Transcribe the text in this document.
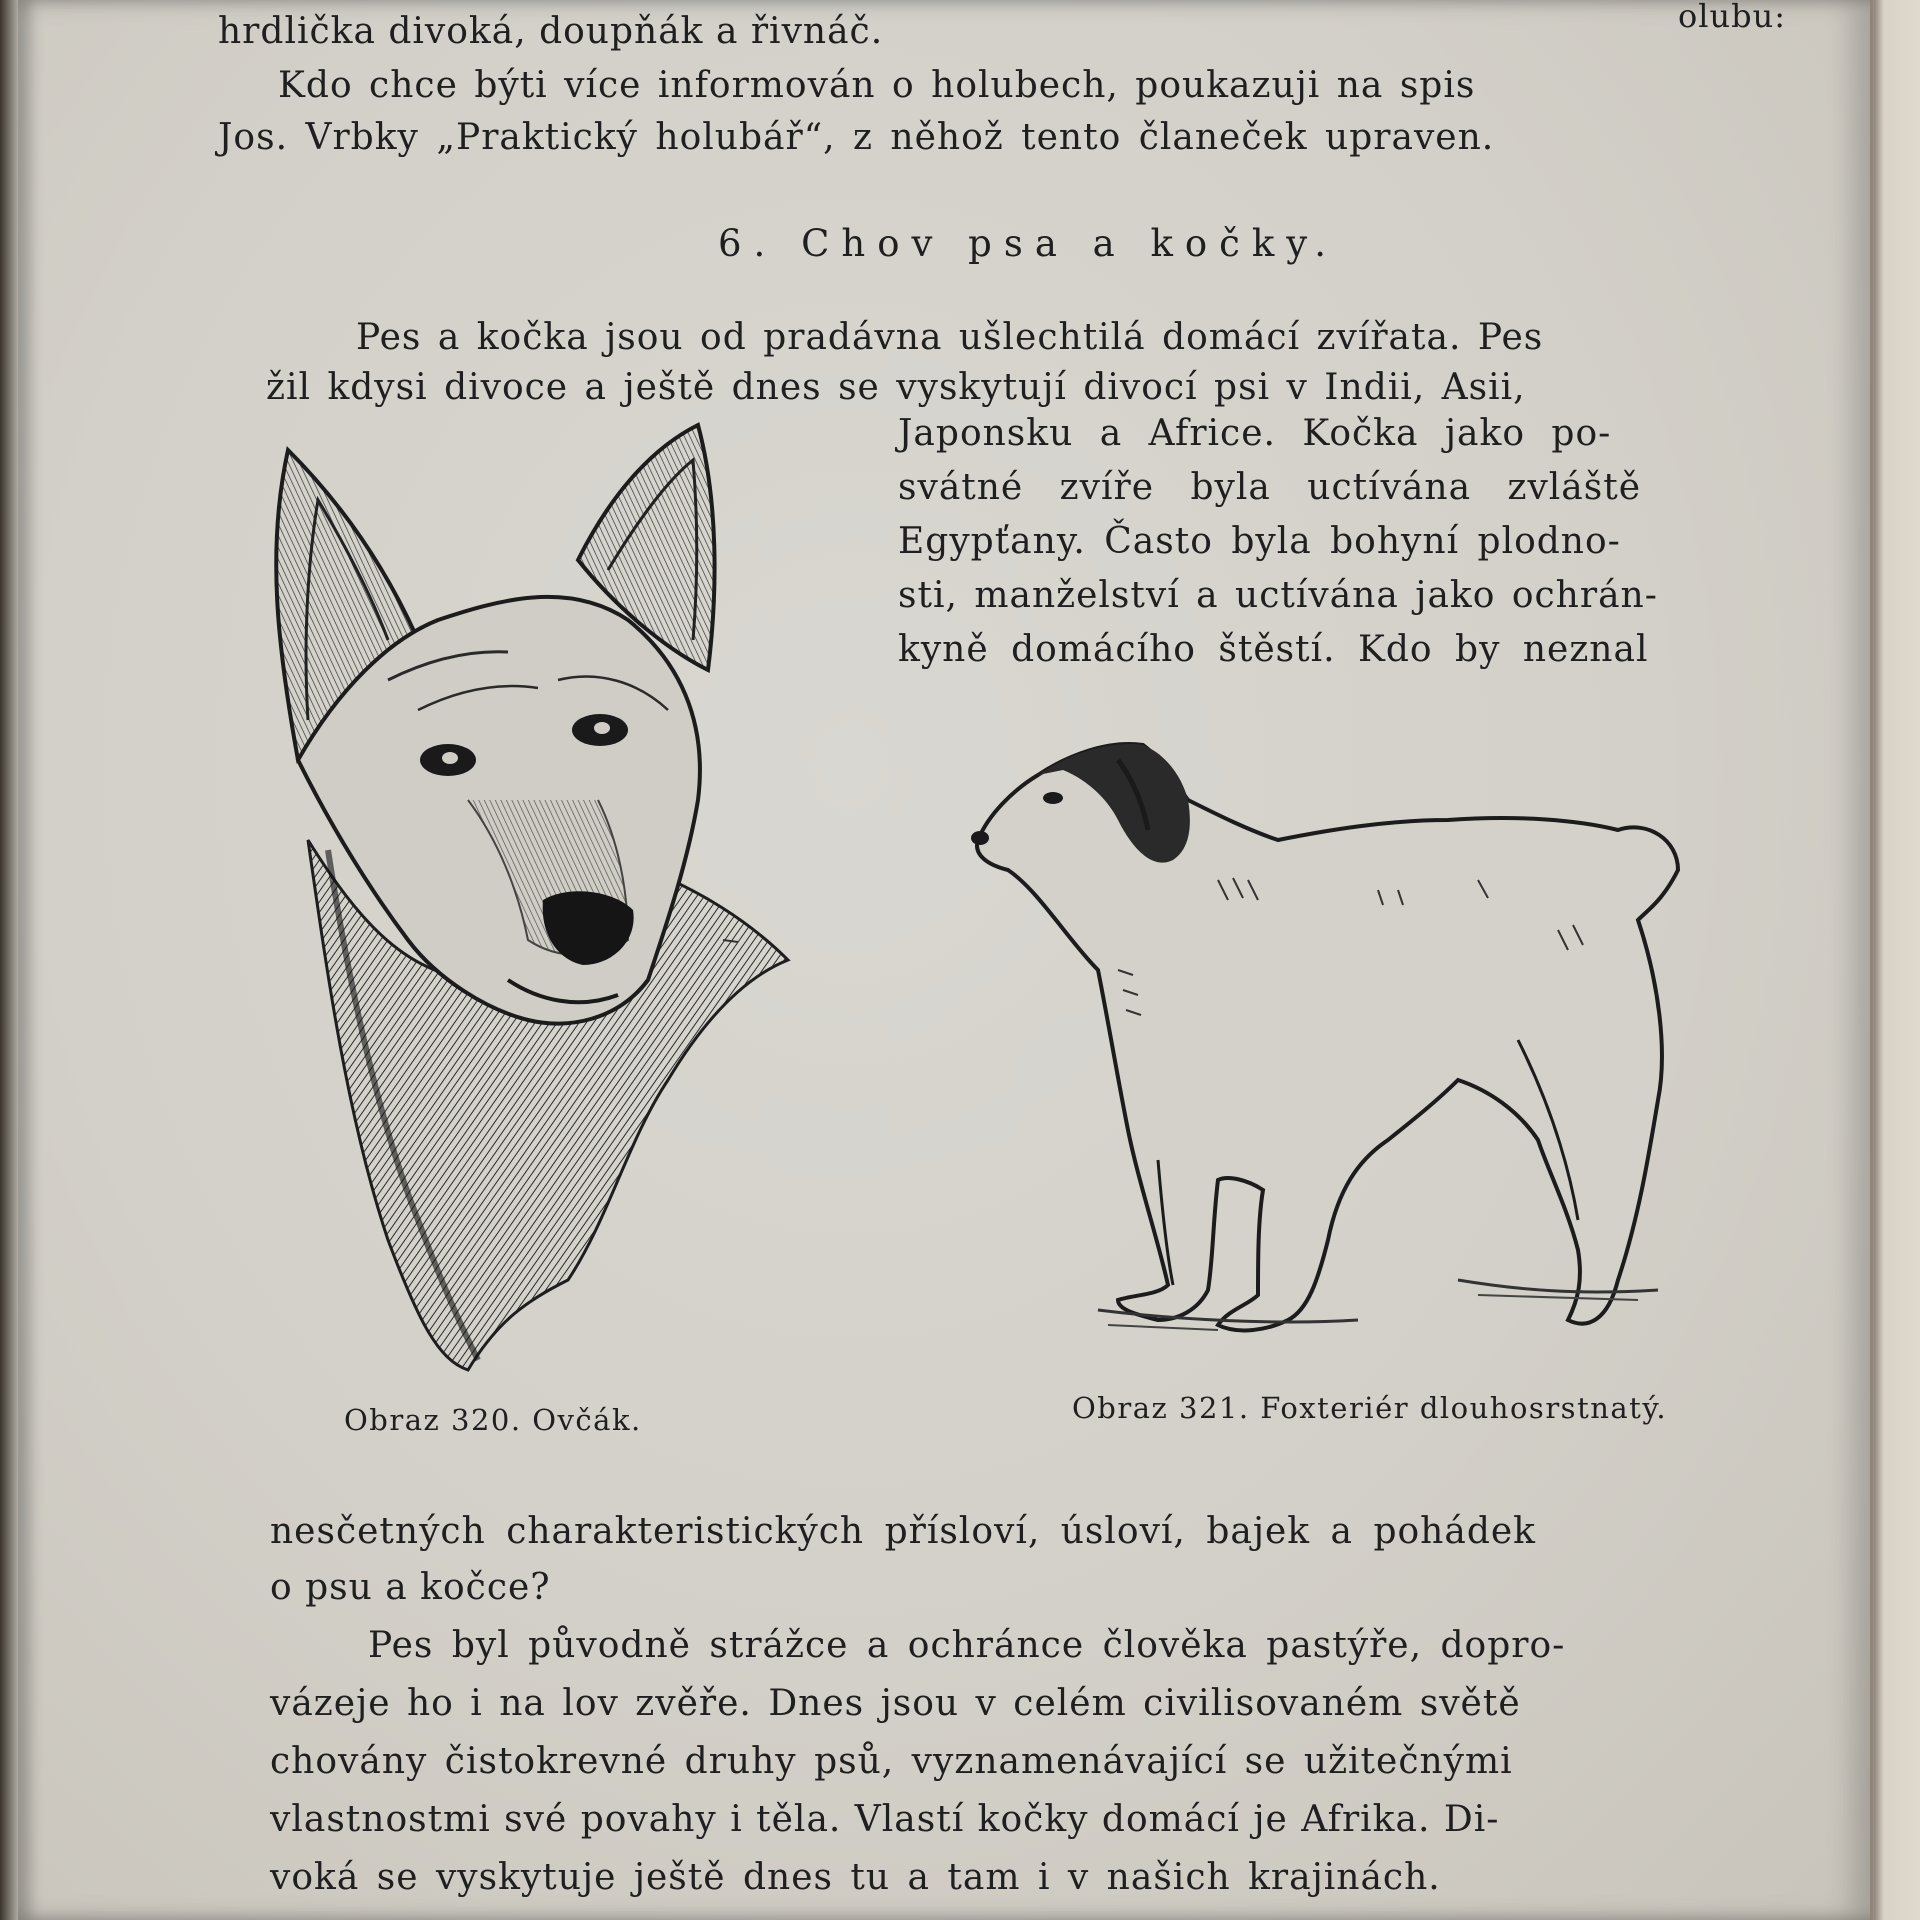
hrdlička divoká, doupňák a řivnáč.	olubu:
Kdo chce býti více informován o holubech, poukazuji na spis
Jos. Vrbky „Praktický holubář“, z něhož tento članeček upraven.
6. Chov psa a kočky.
Pes a kočka jsou od pradávna ušlechtilá domácí zvířata. Pes
žil kdysi divoce a ještě dnes se vyskytují divocí psi v Indii, Asii,
Japonsku a Africe. Kočka jako po-
svátné zvíře byla uctívána zvláště
Egypťany. Často byla bohyní plodno-
sti, manželství a uctívána jako ochrán-
kyně domácího štěstí. Kdo by neznal
Obraz 320. Ovčák.	Obraz 321. Foxteriér dlouhosrstnatý.
nesčetných charakteristických přísloví, úsloví, bajek a pohádek
o psu a kočce?
Pes byl původně strážce a ochránce člověka pastýře, dopro-
vázeje ho i na lov zvěře. Dnes jsou v celém civilisovaném světě
chovány čistokrevné druhy psů, vyznamenávající se užitečnými
vlastnostmi své povahy i těla. Vlastí kočky domácí je Afrika. Di-
voká se vyskytuje ještě dnes tu a tam i v našich krajinách.
